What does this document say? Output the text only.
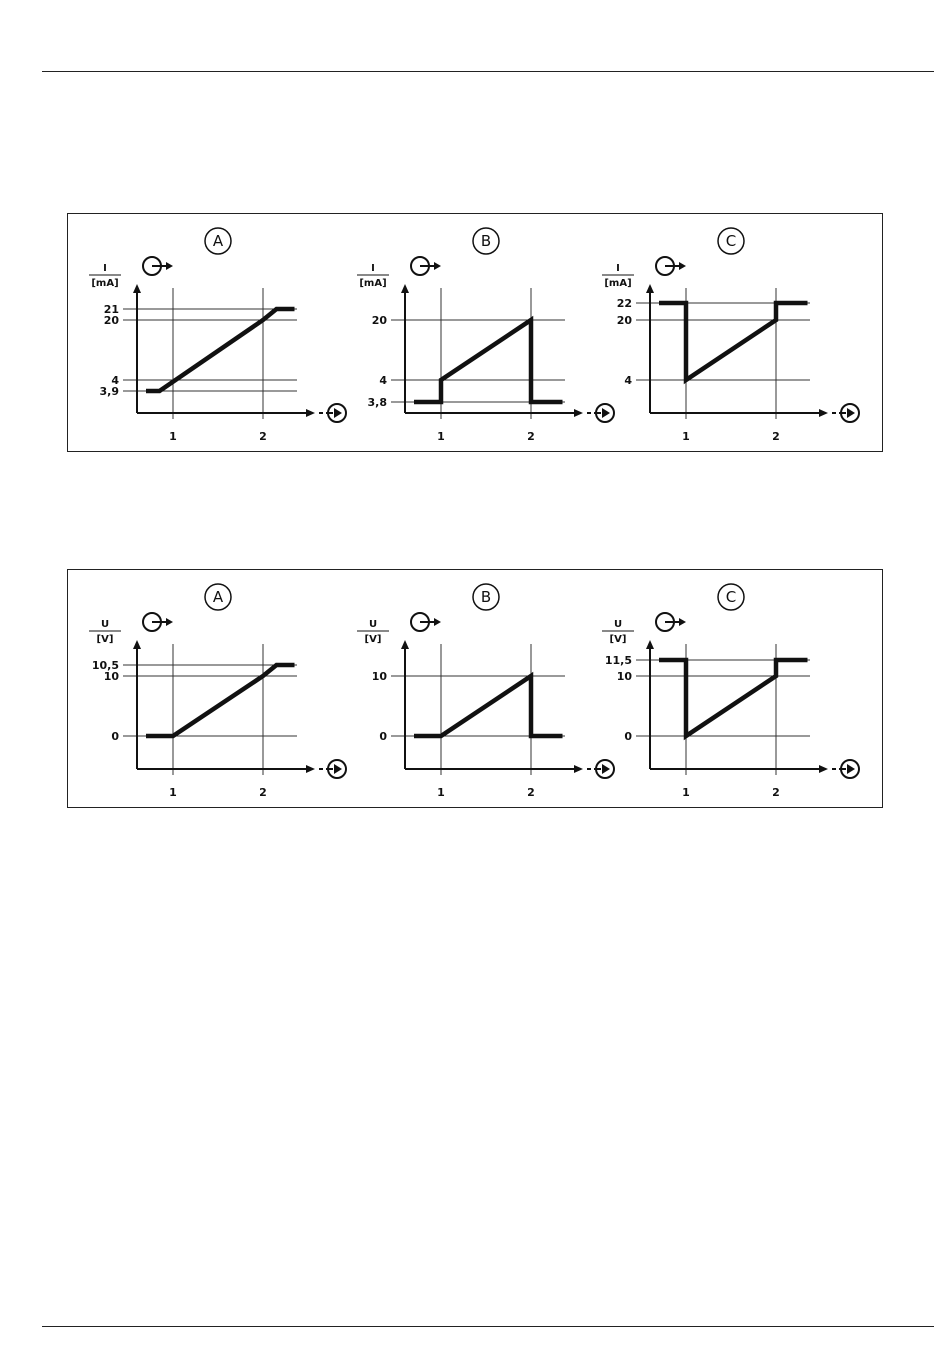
A
I
[mA]
21
20
4
3,9
1	2
B
I
[mA]
20
4
3,8
1	2
C
I
[mA]
22
20
4
1	2
A
U
[V]
10,5
10
0
1	2
B
U
[V]
10
0
1	2
C
U
[V]
11,5
10
0
1	2
